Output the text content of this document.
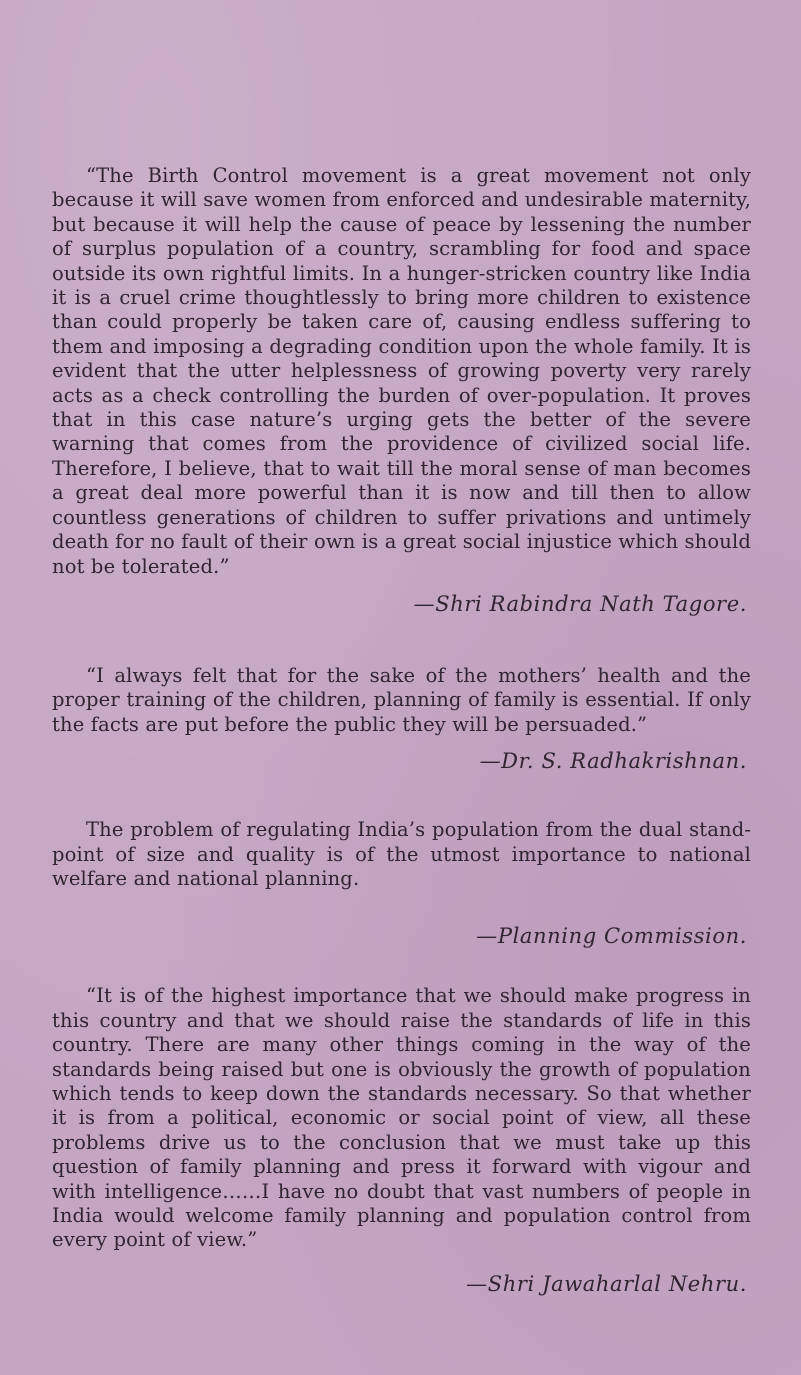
“The Birth Control movement is a great movement not only because it will save women from enforced and undesirable maternity, but because it will help the cause of peace by lessening the number of surplus population of a country, scrambling for food and space outside its own rightful limits. In a hunger-stricken country like India it is a cruel crime thoughtlessly to bring more children to existence than could properly be taken care of, causing endless suffering to them and imposing a degrading condition upon the whole family. It is evident that the utter helplessness of growing poverty very rarely acts as a check controlling the burden of over-population. It proves that in this case nature’s urging gets the better of the severe warning that comes from the providence of civilized social life. Therefore, I believe, that to wait till the moral sense of man becomes a great deal more powerful than it is now and till then to allow countless generations of children to suffer privations and untimely death for no fault of their own is a great social injustice which should not be tolerated.”

—Shri Rabindra Nath Tagore.

“I always felt that for the sake of the mothers’ health and the proper training of the children, planning of family is essential. If only the facts are put before the public they will be persuaded.”

—Dr. S. Radhakrishnan.

The problem of regulating India’s population from the dual standpoint of size and quality is of the utmost importance to national welfare and national planning.

—Planning Commission.

“It is of the highest importance that we should make progress in this country and that we should raise the standards of life in this country. There are many other things coming in the way of the standards being raised but one is obviously the growth of population which tends to keep down the standards necessary. So that whether it is from a political, economic or social point of view, all these problems drive us to the conclusion that we must take up this question of family planning and press it forward with vigour and with intelligence……I have no doubt that vast numbers of people in India would welcome family planning and population control from every point of view.”

—Shri Jawaharlal Nehru.
